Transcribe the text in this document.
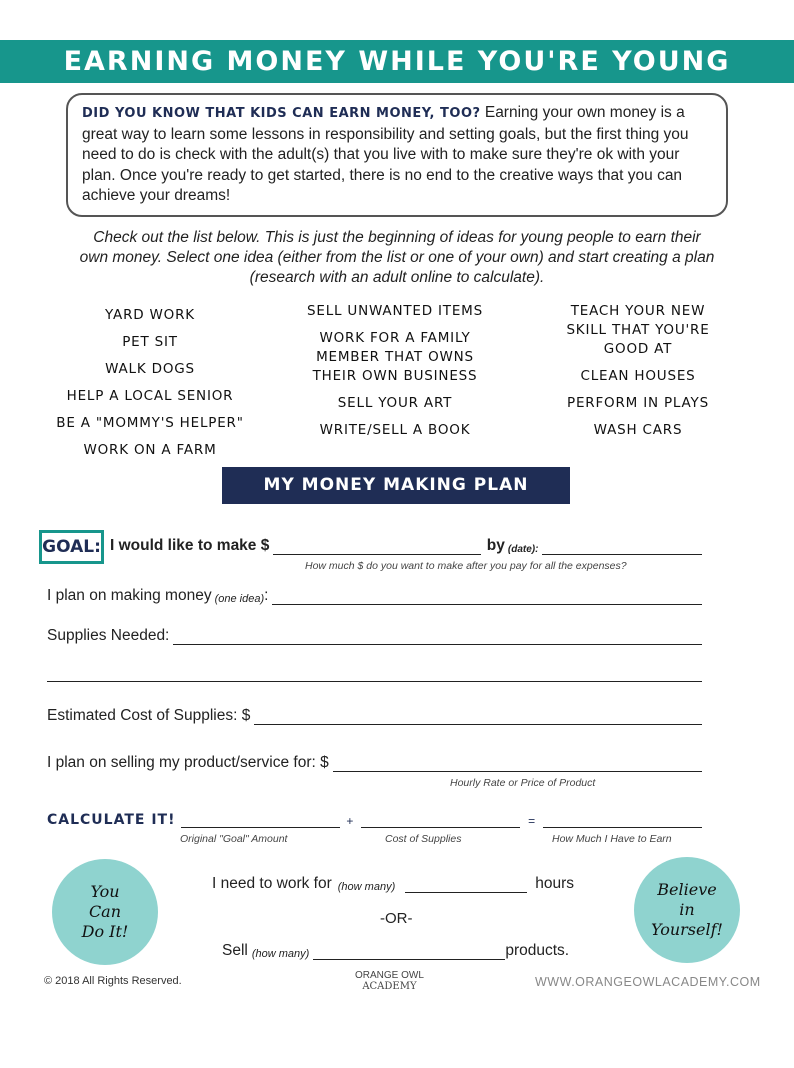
EARNING MONEY WHILE YOU'RE YOUNG
DID YOU KNOW THAT KIDS CAN EARN MONEY, TOO? Earning your own money is a great way to learn some lessons in responsibility and setting goals, but the first thing you need to do is check with the adult(s) that you live with to make sure they're ok with your plan. Once you're ready to get started, there is no end to the creative ways that you can achieve your dreams!
Check out the list below. This is just the beginning of ideas for young people to earn their own money. Select one idea (either from the list or one of your own) and start creating a plan (research with an adult online to calculate).
YARD WORK
PET SIT
WALK DOGS
HELP A LOCAL SENIOR
BE A "MOMMY'S HELPER"
WORK ON A FARM
SELL UNWANTED ITEMS
WORK FOR A FAMILY MEMBER THAT OWNS THEIR OWN BUSINESS
SELL YOUR ART
WRITE/SELL A BOOK
TEACH YOUR NEW SKILL THAT YOU'RE GOOD AT
CLEAN HOUSES
PERFORM IN PLAYS
WASH CARS
MY MONEY MAKING PLAN
GOAL: I would like to make $	by (date):
How much $ do you want to make after you pay for all the expenses?
I plan on making money (one idea) :
Supplies Needed:
Estimated Cost of Supplies: $
I plan on selling my product/service for: $
Hourly Rate or Price of Product
CALCULATE IT!	+	=
Original "Goal" Amount	Cost of Supplies	How Much I Have to Earn
You
Can
Do It!
Believe
in
Yourself!
I need to work for (how many)	hours
-OR-
Sell (how many)	products.
© 2018 All Rights Reserved.	ORANGE OWL
ACADEMY	WWW.ORANGEOWLACADEMY.COM
